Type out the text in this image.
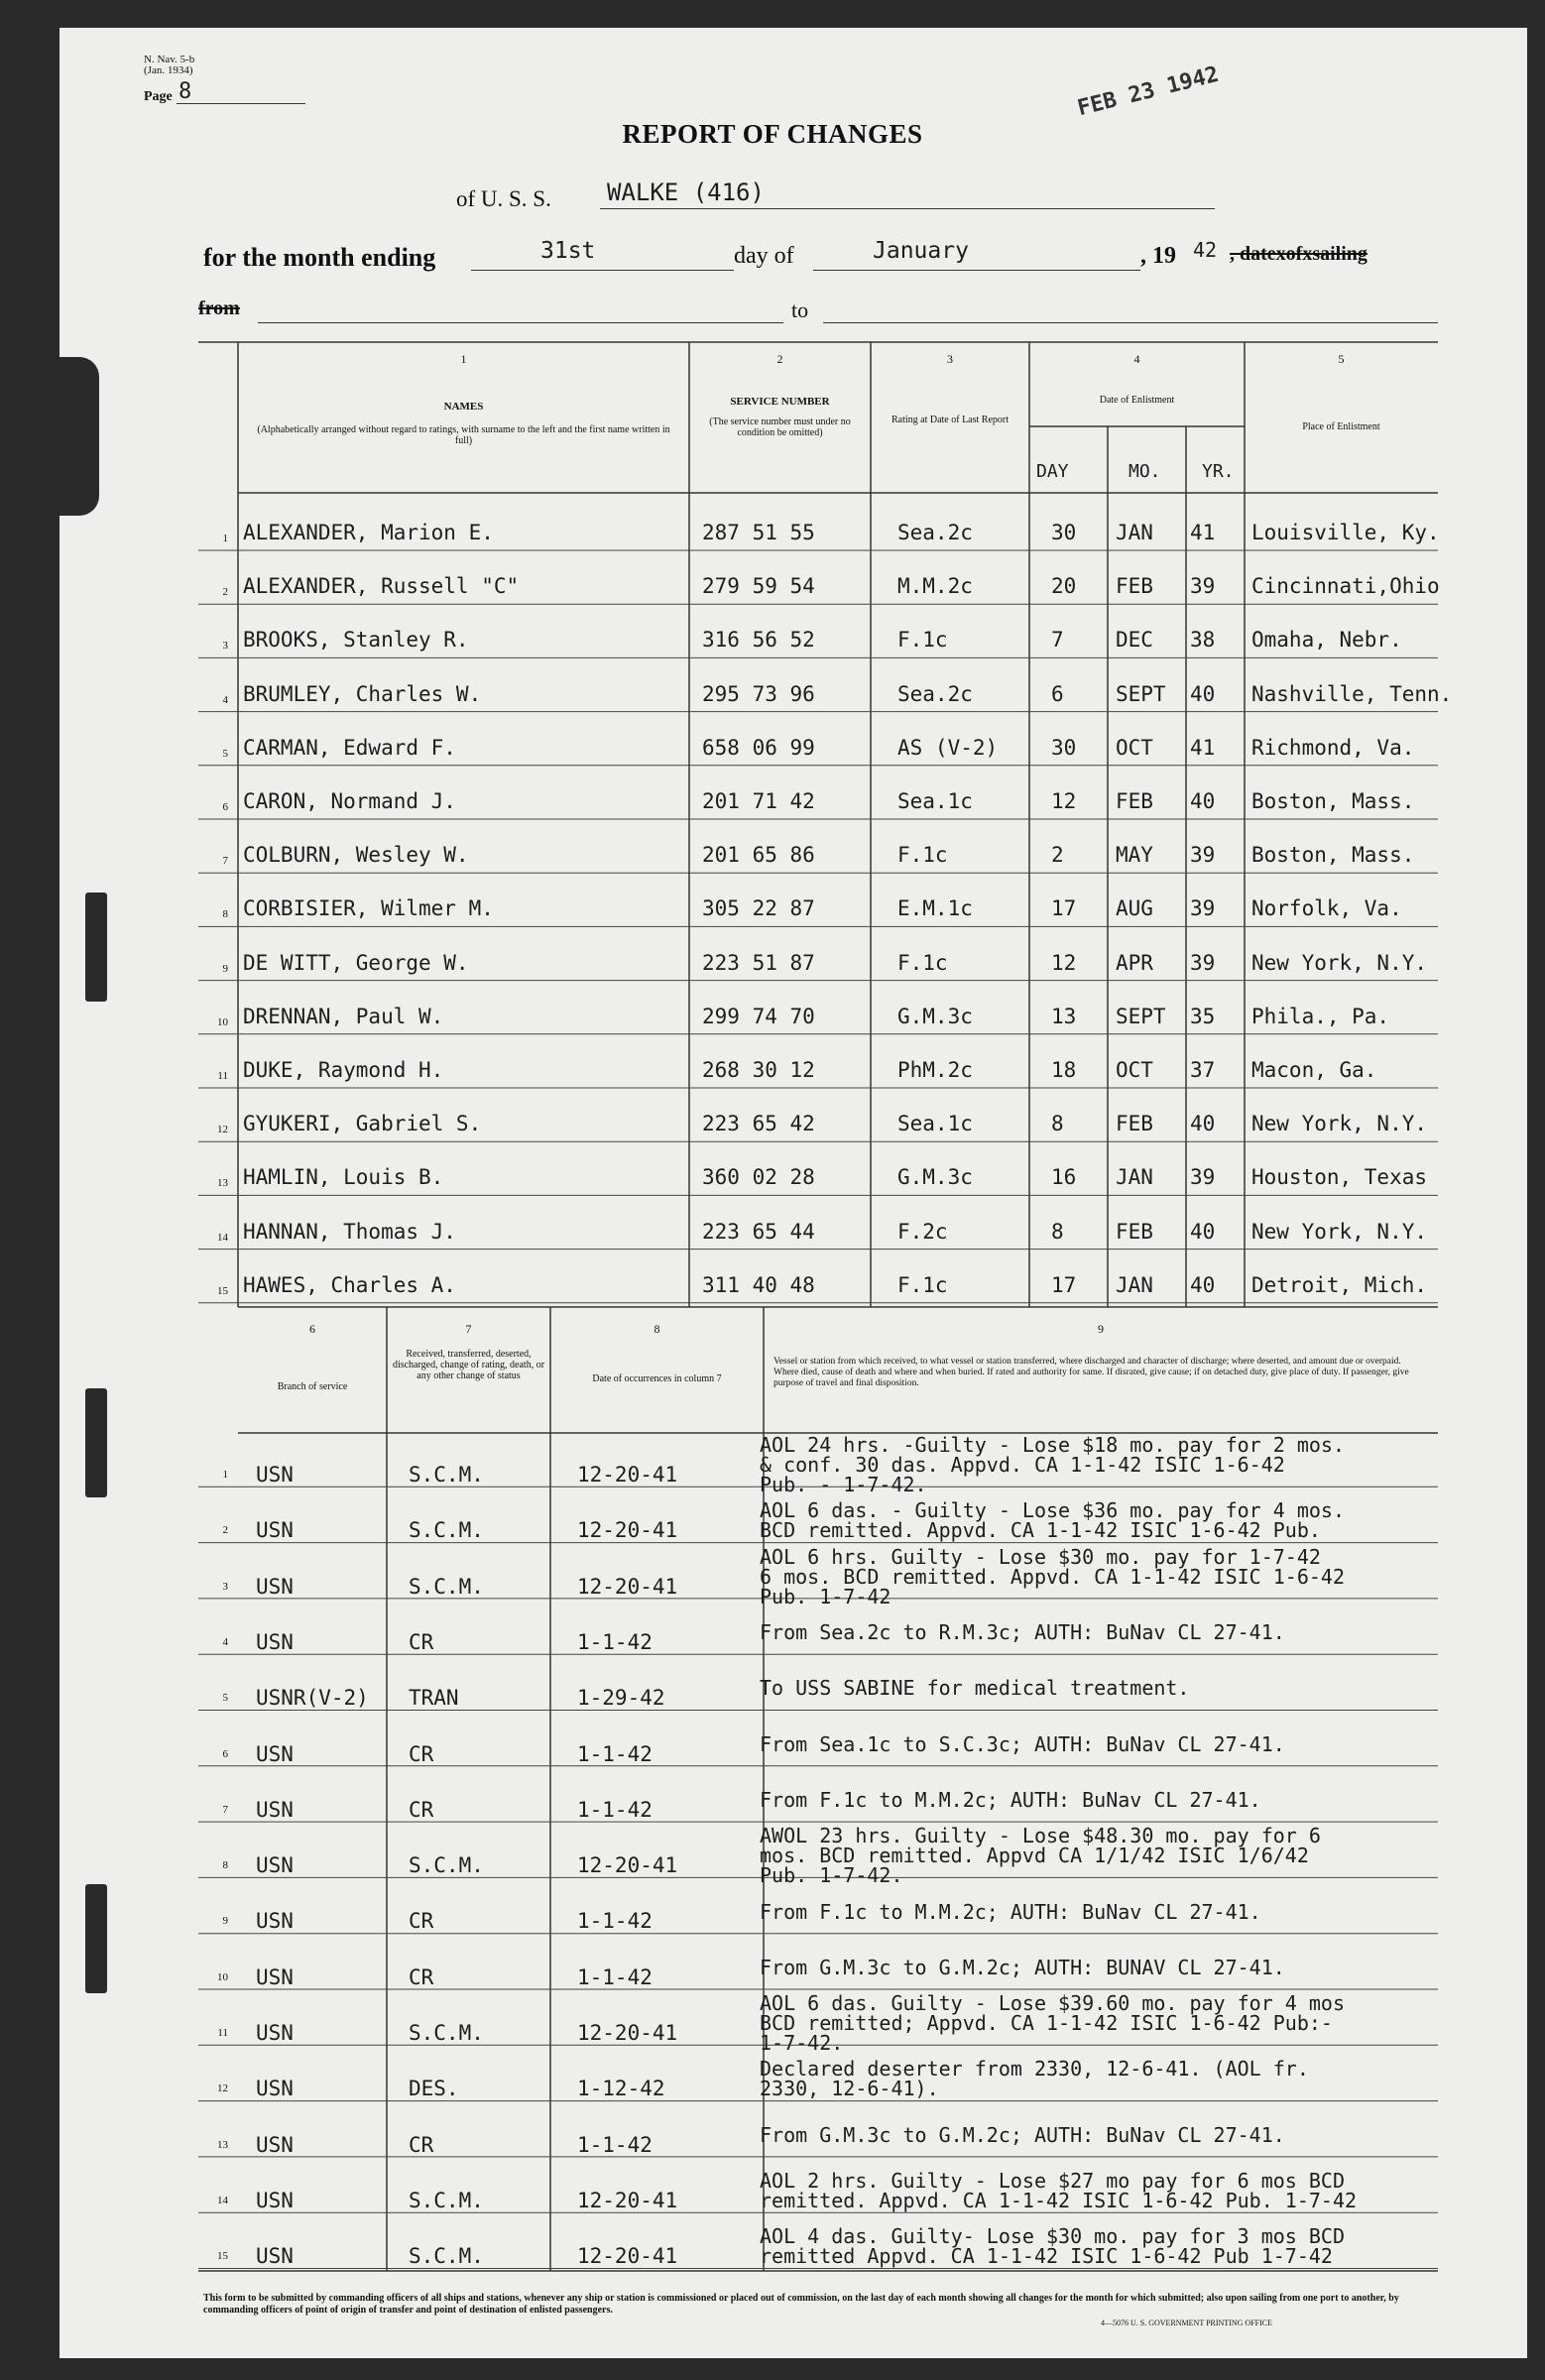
N. Nav. 5-b
(Jan. 1934)
Page 8	FEB 23 1942
REPORT OF CHANGES
of U. S. S. WALKE (416)
for the month ending	31st	day of	January	, 19 42 , datexofxsailing
from	to
1
NAMES
(Alphabetically arranged without regard to ratings, with surname to the left and the first name written in full)
2
SERVICE NUMBER
(The service number must under no condition be omitted)
3
Rating at Date of Last Report
4
Date of Enlistment
DAY	MO. YR.
5
Place of Enlistment
6
Branch of service
7
Received, transferred, deserted, discharged, change of rating, death, or any other change of status
8
Date of occurrences in column 7
9
Vessel or station from which received, to what vessel or station transferred, where discharged and character of discharge; where deserted, and amount due or overpaid. Where died, cause of death and where and when buried. If rated and authority for same. If disrated, give cause; if on detached duty, give place of duty. If passenger, give purpose of travel and final disposition.
1 ALEXANDER, Marion E.	287 51 55	Sea.2c	30 JAN 41 Louisville, Ky.
2 ALEXANDER, Russell "C"	279 59 54	M.M.2c	20 FEB 39 Cincinnati,Ohio
3 BROOKS, Stanley R.	316 56 52	F.1c	7 DEC 38 Omaha, Nebr.
4 BRUMLEY, Charles W.	295 73 96	Sea.2c	6 SEPT 40 Nashville, Tenn.
5 CARMAN, Edward F.	658 06 99	AS (V-2)	30 OCT 41 Richmond, Va.
6 CARON, Normand J.	201 71 42	Sea.1c	12 FEB 40 Boston, Mass.
7 COLBURN, Wesley W.	201 65 86	F.1c	2 MAY 39 Boston, Mass.
8 CORBISIER, Wilmer M.	305 22 87	E.M.1c	17 AUG 39 Norfolk, Va.
9 DE WITT, George W.	223 51 87	F.1c	12 APR 39 New York, N.Y.
10 DRENNAN, Paul W.	299 74 70	G.M.3c	13 SEPT 35 Phila., Pa.
11 DUKE, Raymond H.	268 30 12	PhM.2c	18 OCT 37 Macon, Ga.
12 GYUKERI, Gabriel S.	223 65 42	Sea.1c	8 FEB 40 New York, N.Y.
13 HAMLIN, Louis B.	360 02 28	G.M.3c	16 JAN 39 Houston, Texas
14 HANNAN, Thomas J.	223 65 44	F.2c	8 FEB 40 New York, N.Y.
15 HAWES, Charles A.	311 40 48	F.1c	17 JAN 40 Detroit, Mich.
1 USN	S.C.M.	12-20-41
AOL 24 hrs. -Guilty - Lose $18 mo. pay for 2 mos.
& conf. 30 das. Appvd. CA 1-1-42 ISIC 1-6-42
Pub. - 1-7-42.
2 USN	S.C.M.	12-20-41
AOL 6 das. - Guilty - Lose $36 mo. pay for 4 mos.
BCD remitted. Appvd. CA 1-1-42 ISIC 1-6-42 Pub.
3 USN	S.C.M.	12-20-41
AOL 6 hrs. Guilty - Lose $30 mo. pay for 1-7-42
6 mos. BCD remitted. Appvd. CA 1-1-42 ISIC 1-6-42
Pub. 1-7-42
4 USN	CR	1-1-42	From Sea.2c to R.M.3c; AUTH: BuNav CL 27-41.
5 USNR(V-2) TRAN	1-29-42	To USS SABINE for medical treatment.
6 USN	CR	1-1-42	From Sea.1c to S.C.3c; AUTH: BuNav CL 27-41.
7 USN	CR	1-1-42	From F.1c to M.M.2c; AUTH: BuNav CL 27-41.
8 USN	S.C.M.	12-20-41
AWOL 23 hrs. Guilty - Lose $48.30 mo. pay for 6
mos. BCD remitted. Appvd CA 1/1/42 ISIC 1/6/42
Pub. 1-7-42.
9 USN	CR	1-1-42	From F.1c to M.M.2c; AUTH: BuNav CL 27-41.
10 USN	CR	1-1-42	From G.M.3c to G.M.2c; AUTH: BUNAV CL 27-41.
11 USN	S.C.M.	12-20-41
AOL 6 das. Guilty - Lose $39.60 mo. pay for 4 mos
BCD remitted; Appvd. CA 1-1-42 ISIC 1-6-42 Pub:-
1-7-42.
12 USN	DES.	1-12-42
Declared deserter from 2330, 12-6-41. (AOL fr.
2330, 12-6-41).
13 USN	CR	1-1-42	From G.M.3c to G.M.2c; AUTH: BuNav CL 27-41.
14 USN	S.C.M.	12-20-41
AOL 2 hrs. Guilty - Lose $27 mo pay for 6 mos BCD
remitted. Appvd. CA 1-1-42 ISIC 1-6-42 Pub. 1-7-42
15 USN	S.C.M.	12-20-41
AOL 4 das. Guilty- Lose $30 mo. pay for 3 mos BCD
remitted Appvd. CA 1-1-42 ISIC 1-6-42 Pub 1-7-42
This form to be submitted by commanding officers of all ships and stations, whenever any ship or station is commissioned or placed out of commission, on the last day of each month showing all changes for the month for which submitted; also upon sailing from one port to another, by commanding officers of point of origin of transfer and point of destination of enlisted passengers.
4—5076 U. S. GOVERNMENT PRINTING OFFICE
